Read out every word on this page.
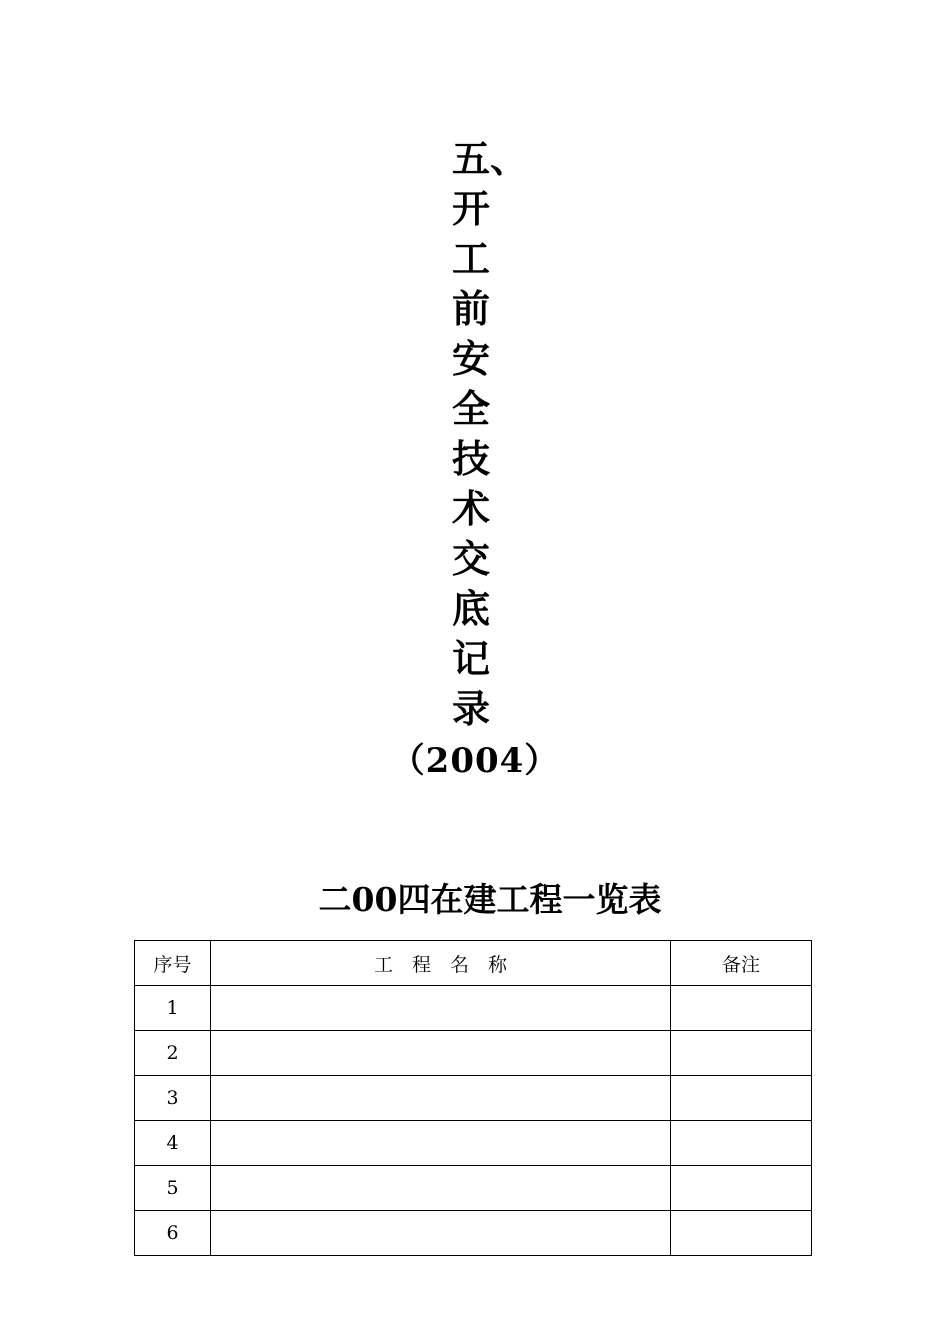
五、
开
工
前
安
全
技
术
交
底
记
录
（2004）
二00四在建工程一览表
序号	工　程　名　称	备注
1		
2		
3		
4		
5		
6		
